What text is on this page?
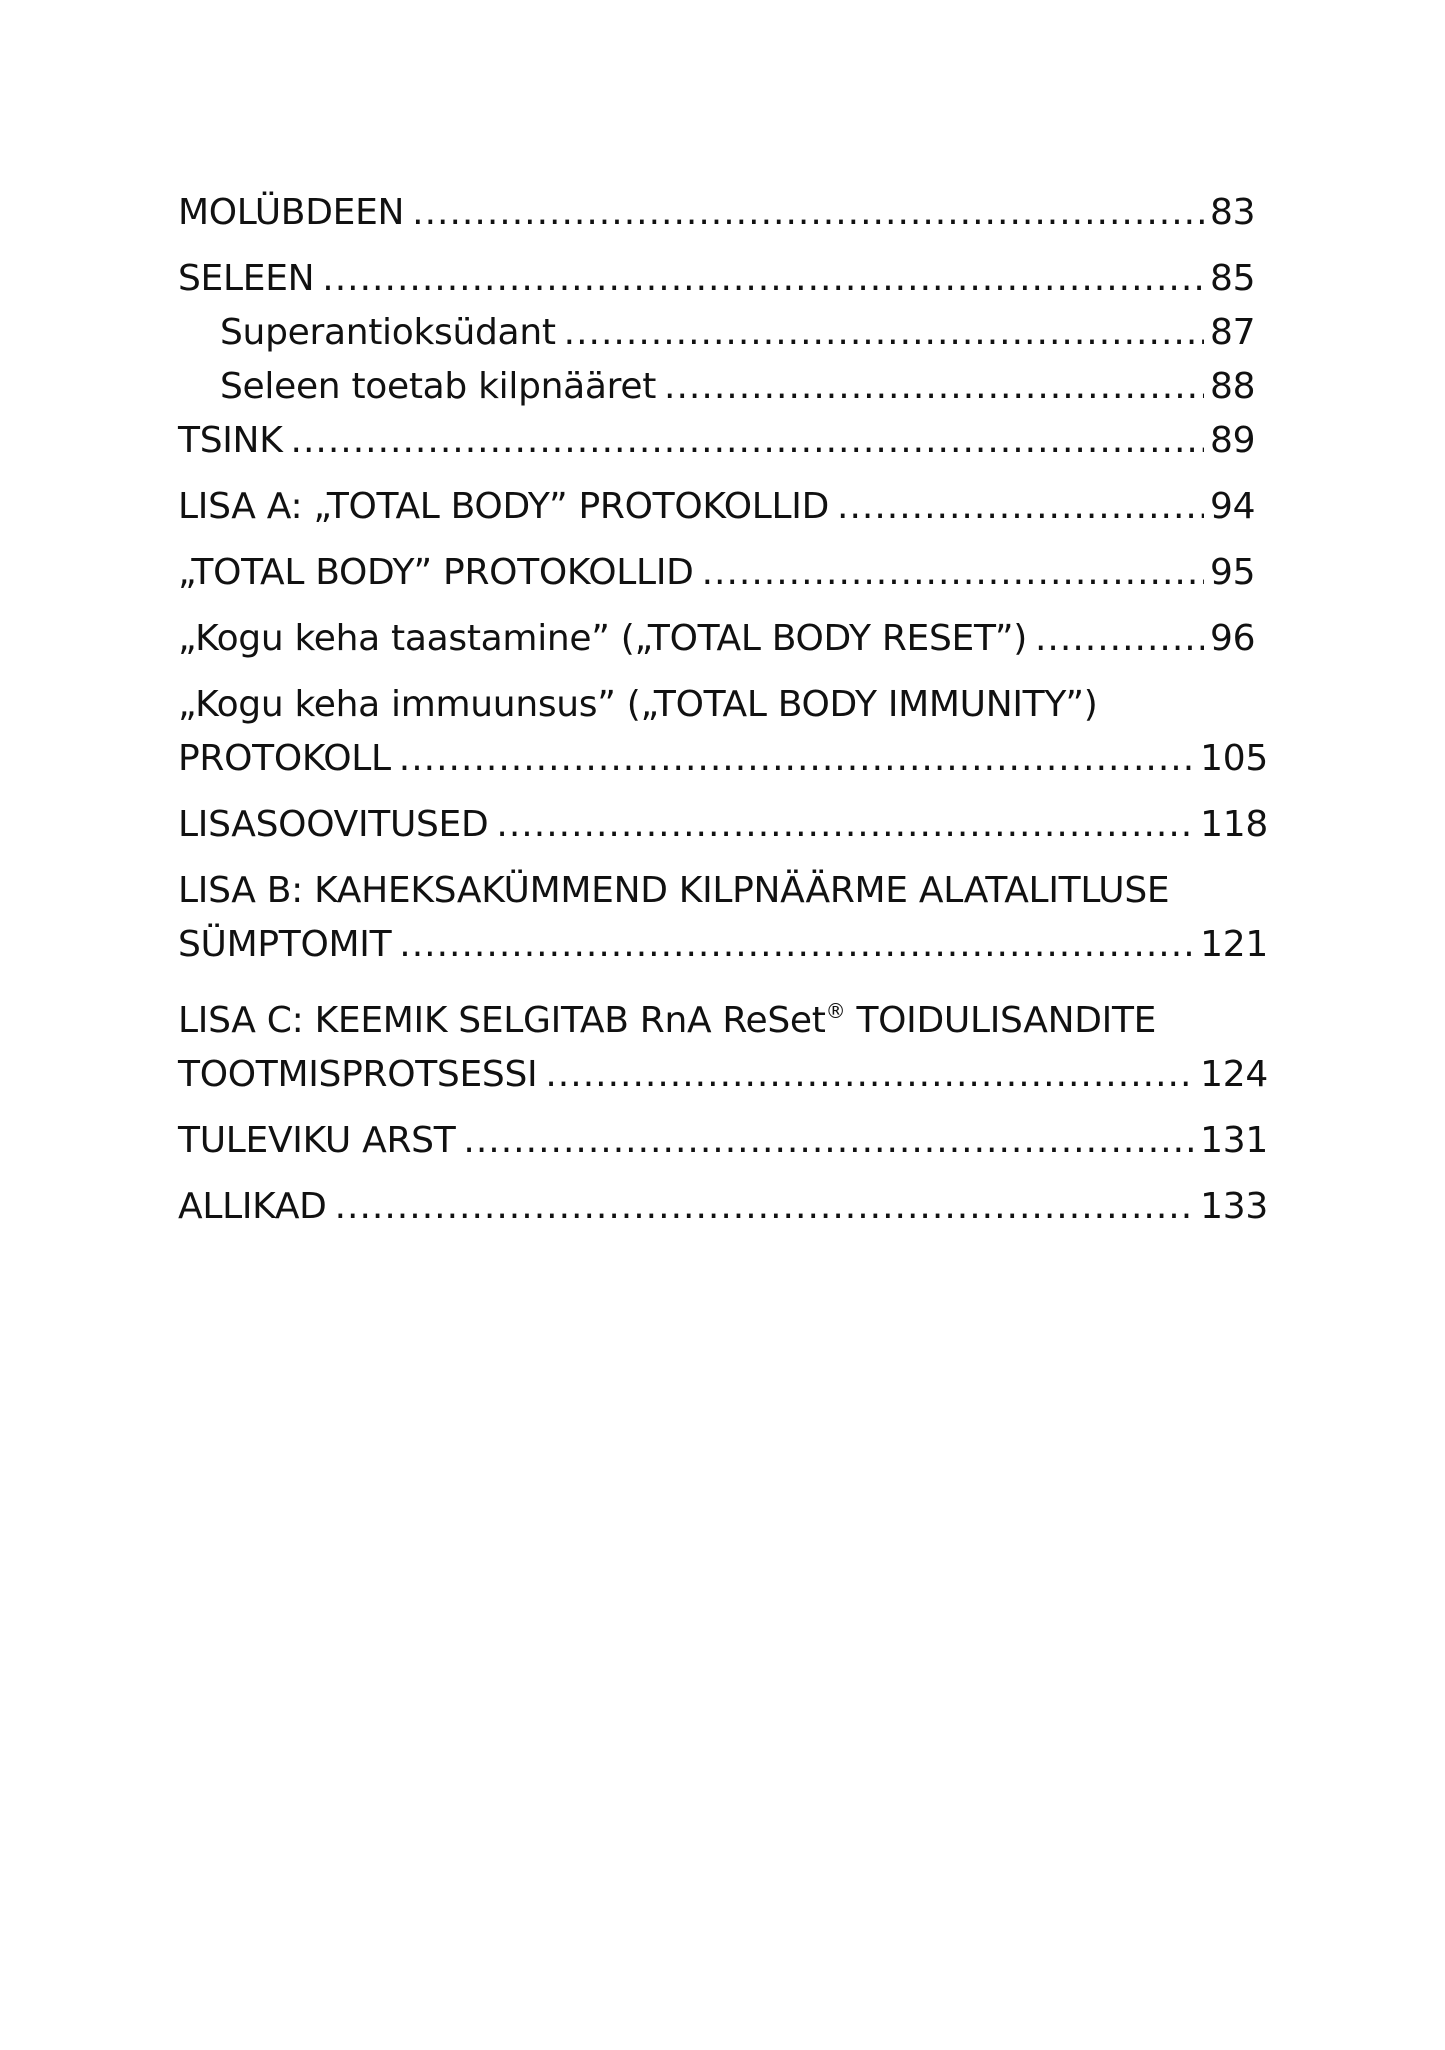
MOLÜBDEEN .....	83
SELEEN .....	85
Superantioksüdant .....	87
Seleen toetab kilpnääret .....	88
TSINK .....	89
LISA A: „TOTAL BODY” PROTOKOLLID .....	94
„TOTAL BODY” PROTOKOLLID .....	95
„Kogu keha taastamine” („TOTAL BODY RESET”) .....	96
„Kogu keha immuunsus” („TOTAL BODY IMMUNITY”)
PROTOKOLL .....	105
LISASOOVITUSED .....	118
LISA B: KAHEKSAKÜMMEND KILPNÄÄRME ALATALITLUSE
SÜMPTOMIT .....	121
LISA C: KEEMIK SELGITAB RnA ReSet® TOIDULISANDITE
TOOTMISPROTSESSI .....	124
TULEVIKU ARST .....	131
ALLIKAD .....	133
